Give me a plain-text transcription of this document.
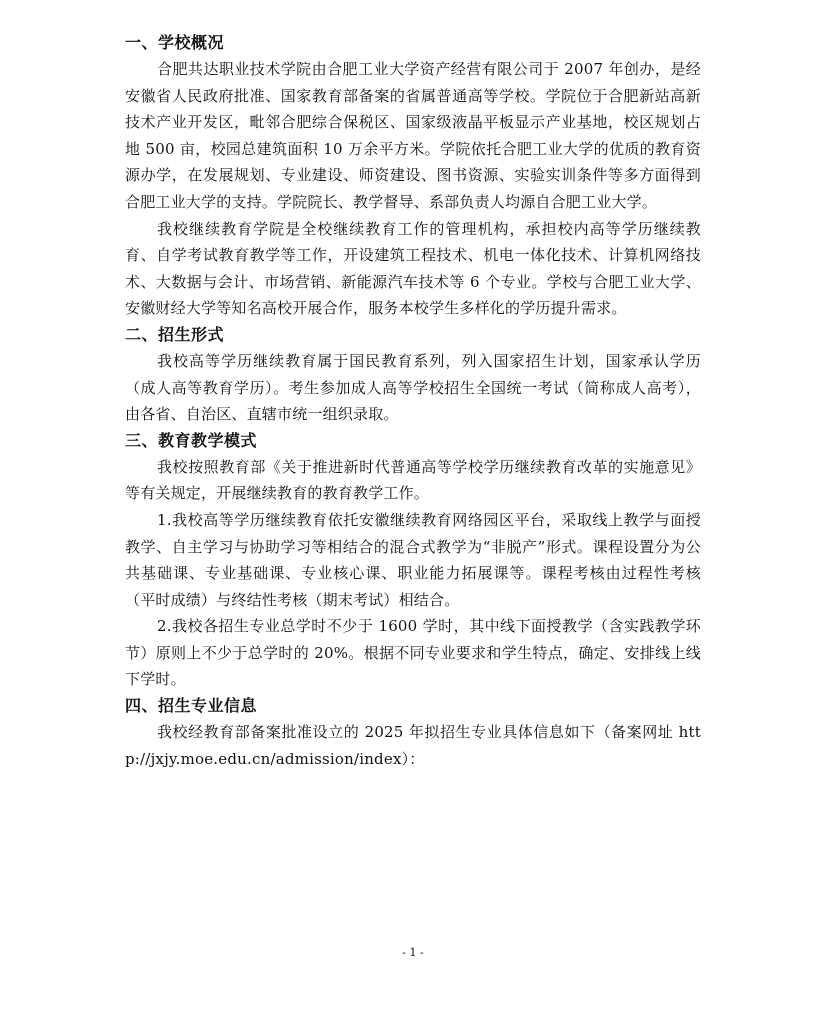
一、学校概况

合肥共达职业技术学院由合肥工业大学资产经营有限公司于 2007 年创办，是经安徽省人民政府批准、国家教育部备案的省属普通高等学校。学院位于合肥新站高新技术产业开发区，毗邻合肥综合保税区、国家级液晶平板显示产业基地，校区规划占地 500 亩，校园总建筑面积 10 万余平方米。学院依托合肥工业大学的优质的教育资源办学，在发展规划、专业建设、师资建设、图书资源、实验实训条件等多方面得到合肥工业大学的支持。学院院长、教学督导、系部负责人均源自合肥工业大学。

我校继续教育学院是全校继续教育工作的管理机构，承担校内高等学历继续教育、自学考试教育教学等工作，开设建筑工程技术、机电一体化技术、计算机网络技术、大数据与会计、市场营销、新能源汽车技术等 6 个专业。学校与合肥工业大学、安徽财经大学等知名高校开展合作，服务本校学生多样化的学历提升需求。

二、招生形式

我校高等学历继续教育属于国民教育系列，列入国家招生计划，国家承认学历（成人高等教育学历）。考生参加成人高等学校招生全国统一考试（简称成人高考），由各省、自治区、直辖市统一组织录取。

三、教育教学模式

我校按照教育部《关于推进新时代普通高等学校学历继续教育改革的实施意见》等有关规定，开展继续教育的教育教学工作。

1.我校高等学历继续教育依托安徽继续教育网络园区平台，采取线上教学与面授教学、自主学习与协助学习等相结合的混合式教学为“非脱产”形式。课程设置分为公共基础课、专业基础课、专业核心课、职业能力拓展课等。课程考核由过程性考核（平时成绩）与终结性考核（期末考试）相结合。

2.我校各招生专业总学时不少于 1600 学时，其中线下面授教学（含实践教学环节）原则上不少于总学时的 20%。根据不同专业要求和学生特点，确定、安排线上线下学时。

四、招生专业信息

我校经教育部备案批准设立的 2025 年拟招生专业具体信息如下（备案网址 http://jxjy.moe.edu.cn/admission/index）：

- 1 -
